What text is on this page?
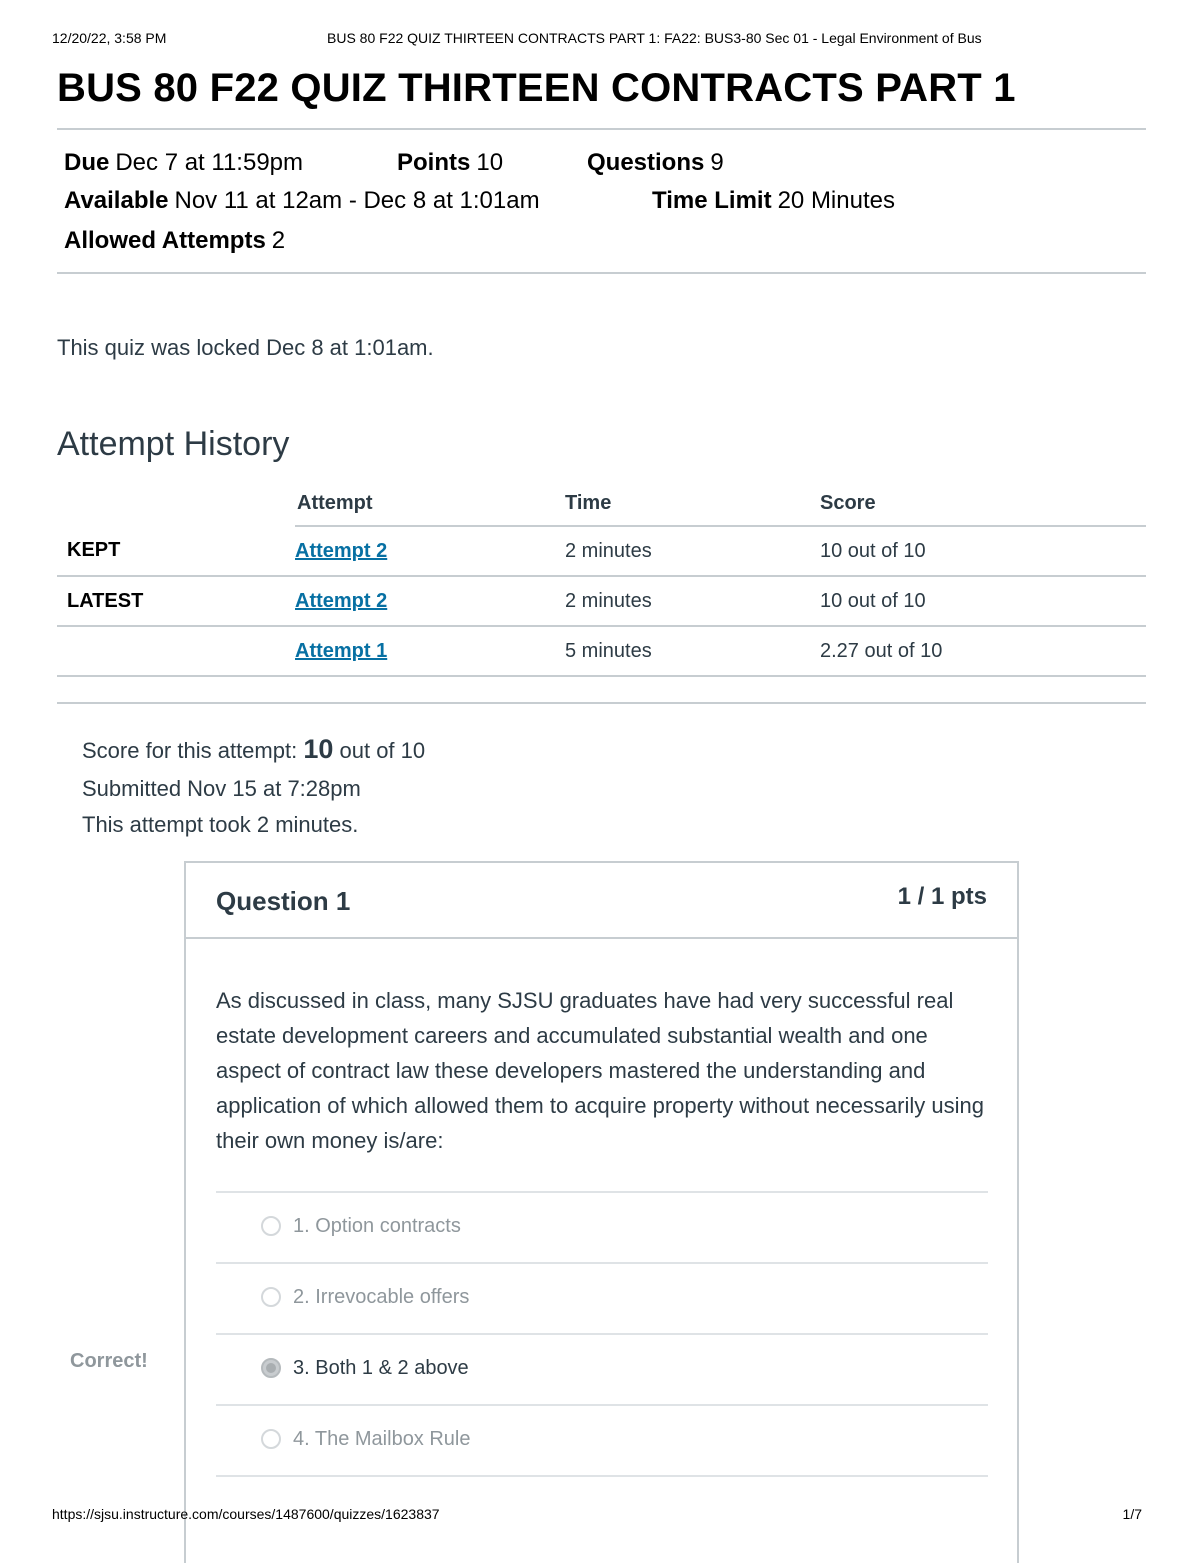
12/20/22, 3:58 PM	BUS 80 F22 QUIZ THIRTEEN CONTRACTS PART 1: FA22: BUS3-80 Sec 01 - Legal Environment of Bus
BUS 80 F22 QUIZ THIRTEEN CONTRACTS PART 1
Due Dec 7 at 11:59pm	Points 10	Questions 9
Available Nov 11 at 12am - Dec 8 at 1:01am	Time Limit 20 Minutes
Allowed Attempts 2
This quiz was locked Dec 8 at 1:01am.
Attempt History
	Attempt	Time	Score
KEPT	Attempt 2	2 minutes	10 out of 10
LATEST	Attempt 2	2 minutes	10 out of 10
	Attempt 1	5 minutes	2.27 out of 10
Score for this attempt: 10 out of 10
Submitted Nov 15 at 7:28pm
This attempt took 2 minutes.
Question 1	1 / 1 pts
As discussed in class, many SJSU graduates have had very successful real estate development careers and accumulated substantial wealth and one aspect of contract law these developers mastered the understanding and application of which allowed them to acquire property without necessarily using their own money is/are:
1. Option contracts
2. Irrevocable offers
3. Both 1 & 2 above
4. The Mailbox Rule
Correct!
https://sjsu.instructure.com/courses/1487600/quizzes/1623837	1/7
